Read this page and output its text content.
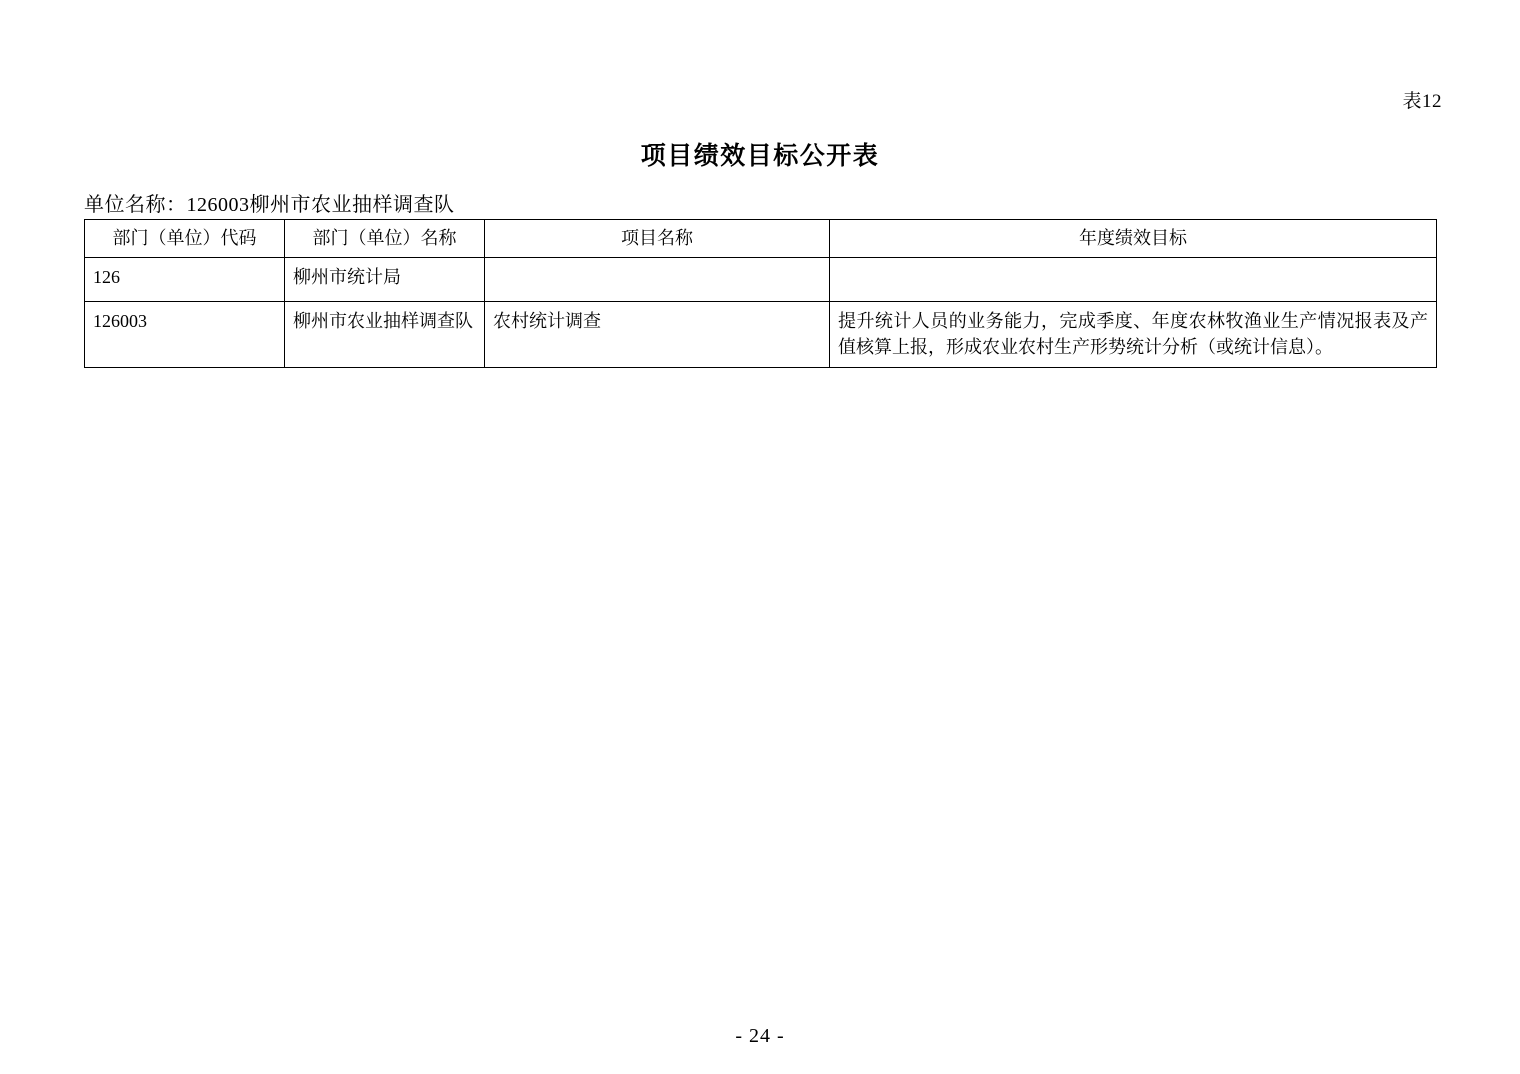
表12
项目绩效目标公开表
单位名称：126003柳州市农业抽样调查队
部门（单位）代码	部门（单位）名称	项目名称	年度绩效目标
126	柳州市统计局		
126003	柳州市农业抽样调查队	农村统计调查	提升统计人员的业务能力，完成季度、年度农林牧渔业生产情况报表及产值核算上报，形成农业农村生产形势统计分析（或统计信息）。
- 24 -
